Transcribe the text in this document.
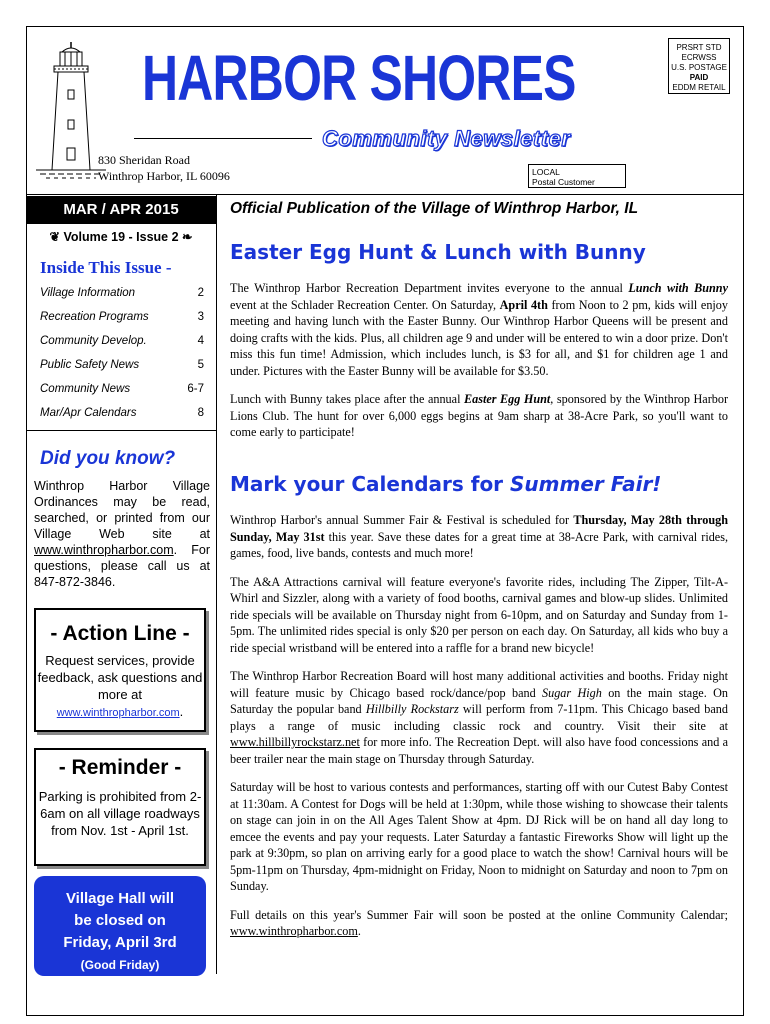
HARBOR SHORES
Community Newsletter
830 Sheridan Road
Winthrop Harbor, IL 60096
PRSRT STD
ECRWSS
U.S. POSTAGE
PAID
EDDM RETAIL
LOCAL
Postal Customer
MAR / APR 2015
❦ Volume 19 - Issue 2 ❧
Inside This Issue -
Village Information	2
Recreation Programs	3
Community Develop.	4
Public Safety News	5
Community News	6-7
Mar/Apr Calendars	8
Did you know?
Winthrop Harbor Village Ordinances may be read, searched, or printed from our Village Web site at www.winthropharbor.com. For questions, please call us at 847-872-3846.
- Action Line -
Request services, provide feedback, ask questions and more at
www.winthropharbor.com.
- Reminder -
Parking is prohibited from 2-6am on all village roadways from Nov. 1st - April 1st.
Village Hall will
be closed on
Friday, April 3rd
(Good Friday)
Official Publication of the Village of Winthrop Harbor, IL
Easter Egg Hunt & Lunch with Bunny

The Winthrop Harbor Recreation Department invites everyone to the annual Lunch with Bunny event at the Schlader Recreation Center. On Saturday, April 4th from Noon to 2 pm, kids will enjoy meeting and having lunch with the Easter Bunny. Our Winthrop Harbor Queens will be present and doing crafts with the kids. Plus, all children age 9 and under will be entered to win a door prize. Don't miss this fun time! Admission, which includes lunch, is $3 for all, and $1 for children age 1 and under. Pictures with the Easter Bunny will be available for $3.50.

Lunch with Bunny takes place after the annual Easter Egg Hunt, sponsored by the Winthrop Harbor Lions Club. The hunt for over 6,000 eggs begins at 9am sharp at 38-Acre Park, so you'll want to come early to participate!

Mark your Calendars for Summer Fair!

Winthrop Harbor's annual Summer Fair & Festival is scheduled for Thursday, May 28th through Sunday, May 31st this year. Save these dates for a great time at 38-Acre Park, with carnival rides, games, food, live bands, contests and much more!

The A&A Attractions carnival will feature everyone's favorite rides, including The Zipper, Tilt-A-Whirl and Sizzler, along with a variety of food booths, carnival games and blow-up slides. Unlimited ride specials will be available on Thursday night from 6-10pm, and on Saturday and Sunday from 1-5pm. The unlimited rides special is only $20 per person on each day. On Saturday, all kids who buy a ride special wristband will be entered into a raffle for a brand new bicycle!

The Winthrop Harbor Recreation Board will host many additional activities and booths. Friday night will feature music by Chicago based rock/dance/pop band Sugar High on the main stage. On Saturday the popular band Hillbilly Rockstarz will perform from 7-11pm. This Chicago based band plays a range of music including classic rock and country. Visit their site at www.hillbillyrockstarz.net for more info. The Recreation Dept. will also have food concessions and a beer trailer near the main stage on Thursday through Saturday.

Saturday will be host to various contests and performances, starting off with our Cutest Baby Contest at 11:30am. A Contest for Dogs will be held at 1:30pm, while those wishing to showcase their talents on stage can join in on the All Ages Talent Show at 4pm. DJ Rick will be on hand all day long to emcee the events and pay your requests. Later Saturday a fantastic Fireworks Show will light up the park at 9:30pm, so plan on arriving early for a good place to watch the show! Carnival hours will be 5pm-11pm on Thursday, 4pm-midnight on Friday, Noon to midnight on Saturday and noon to 7pm on Sunday.

Full details on this year's Summer Fair will soon be posted at the online Community Calendar; www.winthropharbor.com.
